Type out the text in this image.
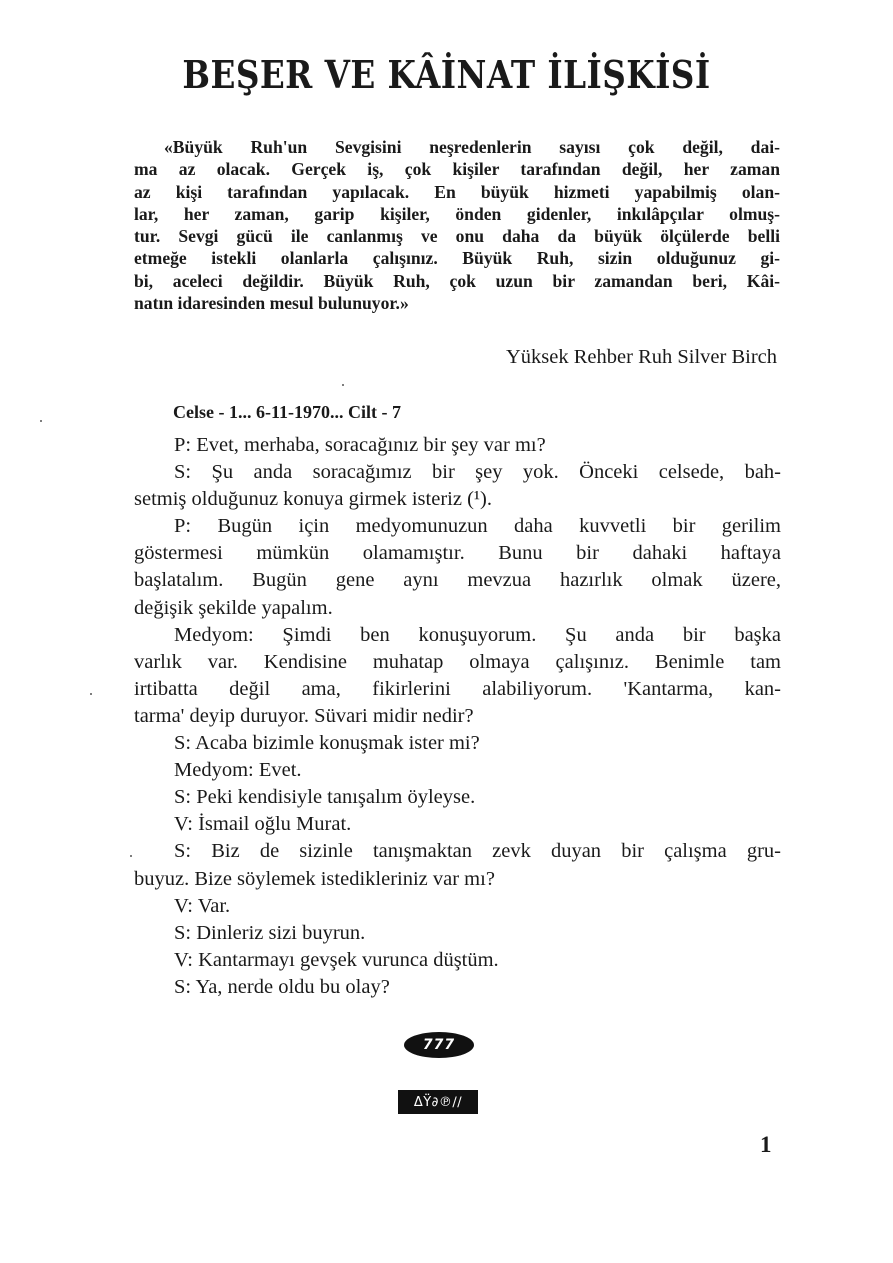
BEŞER VE KÂİNAT İLİŞKİSİ
«Büyük Ruh'un Sevgisini neşredenlerin sayısı çok değil, dai-
ma az olacak. Gerçek iş, çok kişiler tarafından değil, her zaman
az kişi tarafından yapılacak. En büyük hizmeti yapabilmiş olan-
lar, her zaman, garip kişiler, önden gidenler, inkılâpçılar olmuş-
tur. Sevgi gücü ile canlanmış ve onu daha da büyük ölçülerde belli
etmeğe istekli olanlarla çalışınız. Büyük Ruh, sizin olduğunuz gi-
bi, aceleci değildir. Büyük Ruh, çok uzun bir zamandan beri, Kâi-
natın idaresinden mesul bulunuyor.»
Yüksek Rehber Ruh Silver Birch
Celse - 1... 6-11-1970... Cilt - 7
P: Evet, merhaba, soracağınız bir şey var mı?
S: Şu anda soracağımız bir şey yok. Önceki celsede, bah-
setmiş olduğunuz konuya girmek isteriz (¹).
P: Bugün için medyomunuzun daha kuvvetli bir gerilim
göstermesi mümkün olamamıştır. Bunu bir dahaki haftaya
başlatalım. Bugün gene aynı mevzua hazırlık olmak üzere,
değişik şekilde yapalım.
Medyom: Şimdi ben konuşuyorum. Şu anda bir başka
varlık var. Kendisine muhatap olmaya çalışınız. Benimle tam
irtibatta değil ama, fikirlerini alabiliyorum. 'Kantarma, kan-
tarma' deyip duruyor. Süvari midir nedir?
S: Acaba bizimle konuşmak ister mi?
Medyom: Evet.
S: Peki kendisiyle tanışalım öyleyse.
V: İsmail oğlu Murat.
S: Biz de sizinle tanışmaktan zevk duyan bir çalışma gru-
buyuz. Bize söylemek istedikleriniz var mı?
V: Var.
S: Dinleriz sizi buyrun.
V: Kantarmayı gevşek vurunca düştüm.
S: Ya, nerde oldu bu olay?
777
ΔŸ∂℗∕∕
1
